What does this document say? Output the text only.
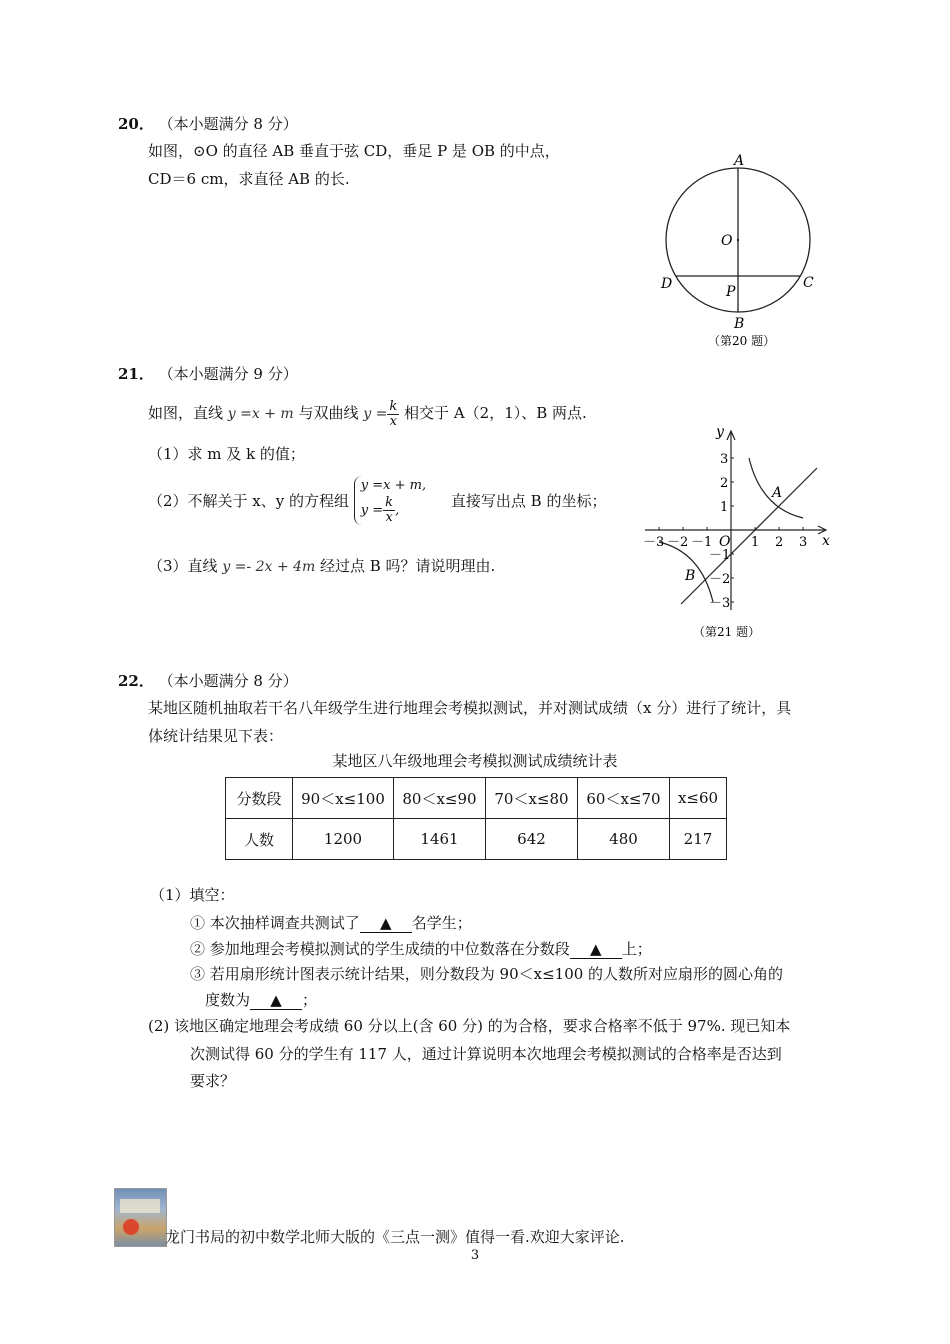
20． （本小题满分 8 分）
如图，⊙O 的直径 AB 垂直于弦 CD，垂足 P 是 OB 的中点，
CD＝6 cm，求直径 AB 的长.
A
B
C
D
O
P
（第20 题）
21． （本小题满分 9 分）
如图，直线 y =x + m 与双曲线 $y = \frac{k}{x}$ 相交于 A（2，1）、B 两点.
（1）求 m 及 k 的值；
（2）不解关于 x、y 的方程组
y =x + m,
$y = \frac{k}{x}$ ,
直接写出点 B 的坐标；
（3）直线 y =- 2x + 4m 经过点 B 吗？请说明理由.
y
x
O
A
B
－3 －2 －1	1 2 3
3
2
1
－1
－2
－3
（第21 题）
22． （本小题满分 8 分）
某地区随机抽取若干名八年级学生进行地理会考模拟测试，并对测试成绩（x 分）进行了统计，具
体统计结果见下表：
某地区八年级地理会考模拟测试成绩统计表
分数段	90＜x≤100	80＜x≤90	70＜x≤80	60＜x≤70	x≤60
人数	1200	1461	642	480	217
（1）填空：
① 本次抽样调查共测试了 ▲ 名学生；
② 参加地理会考模拟测试的学生成绩的中位数落在分数段 ▲ 上；
③ 若用扇形统计图表示统计结果，则分数段为 90＜x≤100 的人数所对应扇形的圆心角的
度数为 ▲ ；
(2) 该地区确定地理会考成绩 60 分以上(含 60 分) 的为合格，要求合格率不低于 97%. 现已知本
次测试得 60 分的学生有 117 人，通过计算说明本次地理会考模拟测试的合格率是否达到
要求？
龙门书局的初中数学北师大版的《三点一测》值得一看.欢迎大家评论.
3
